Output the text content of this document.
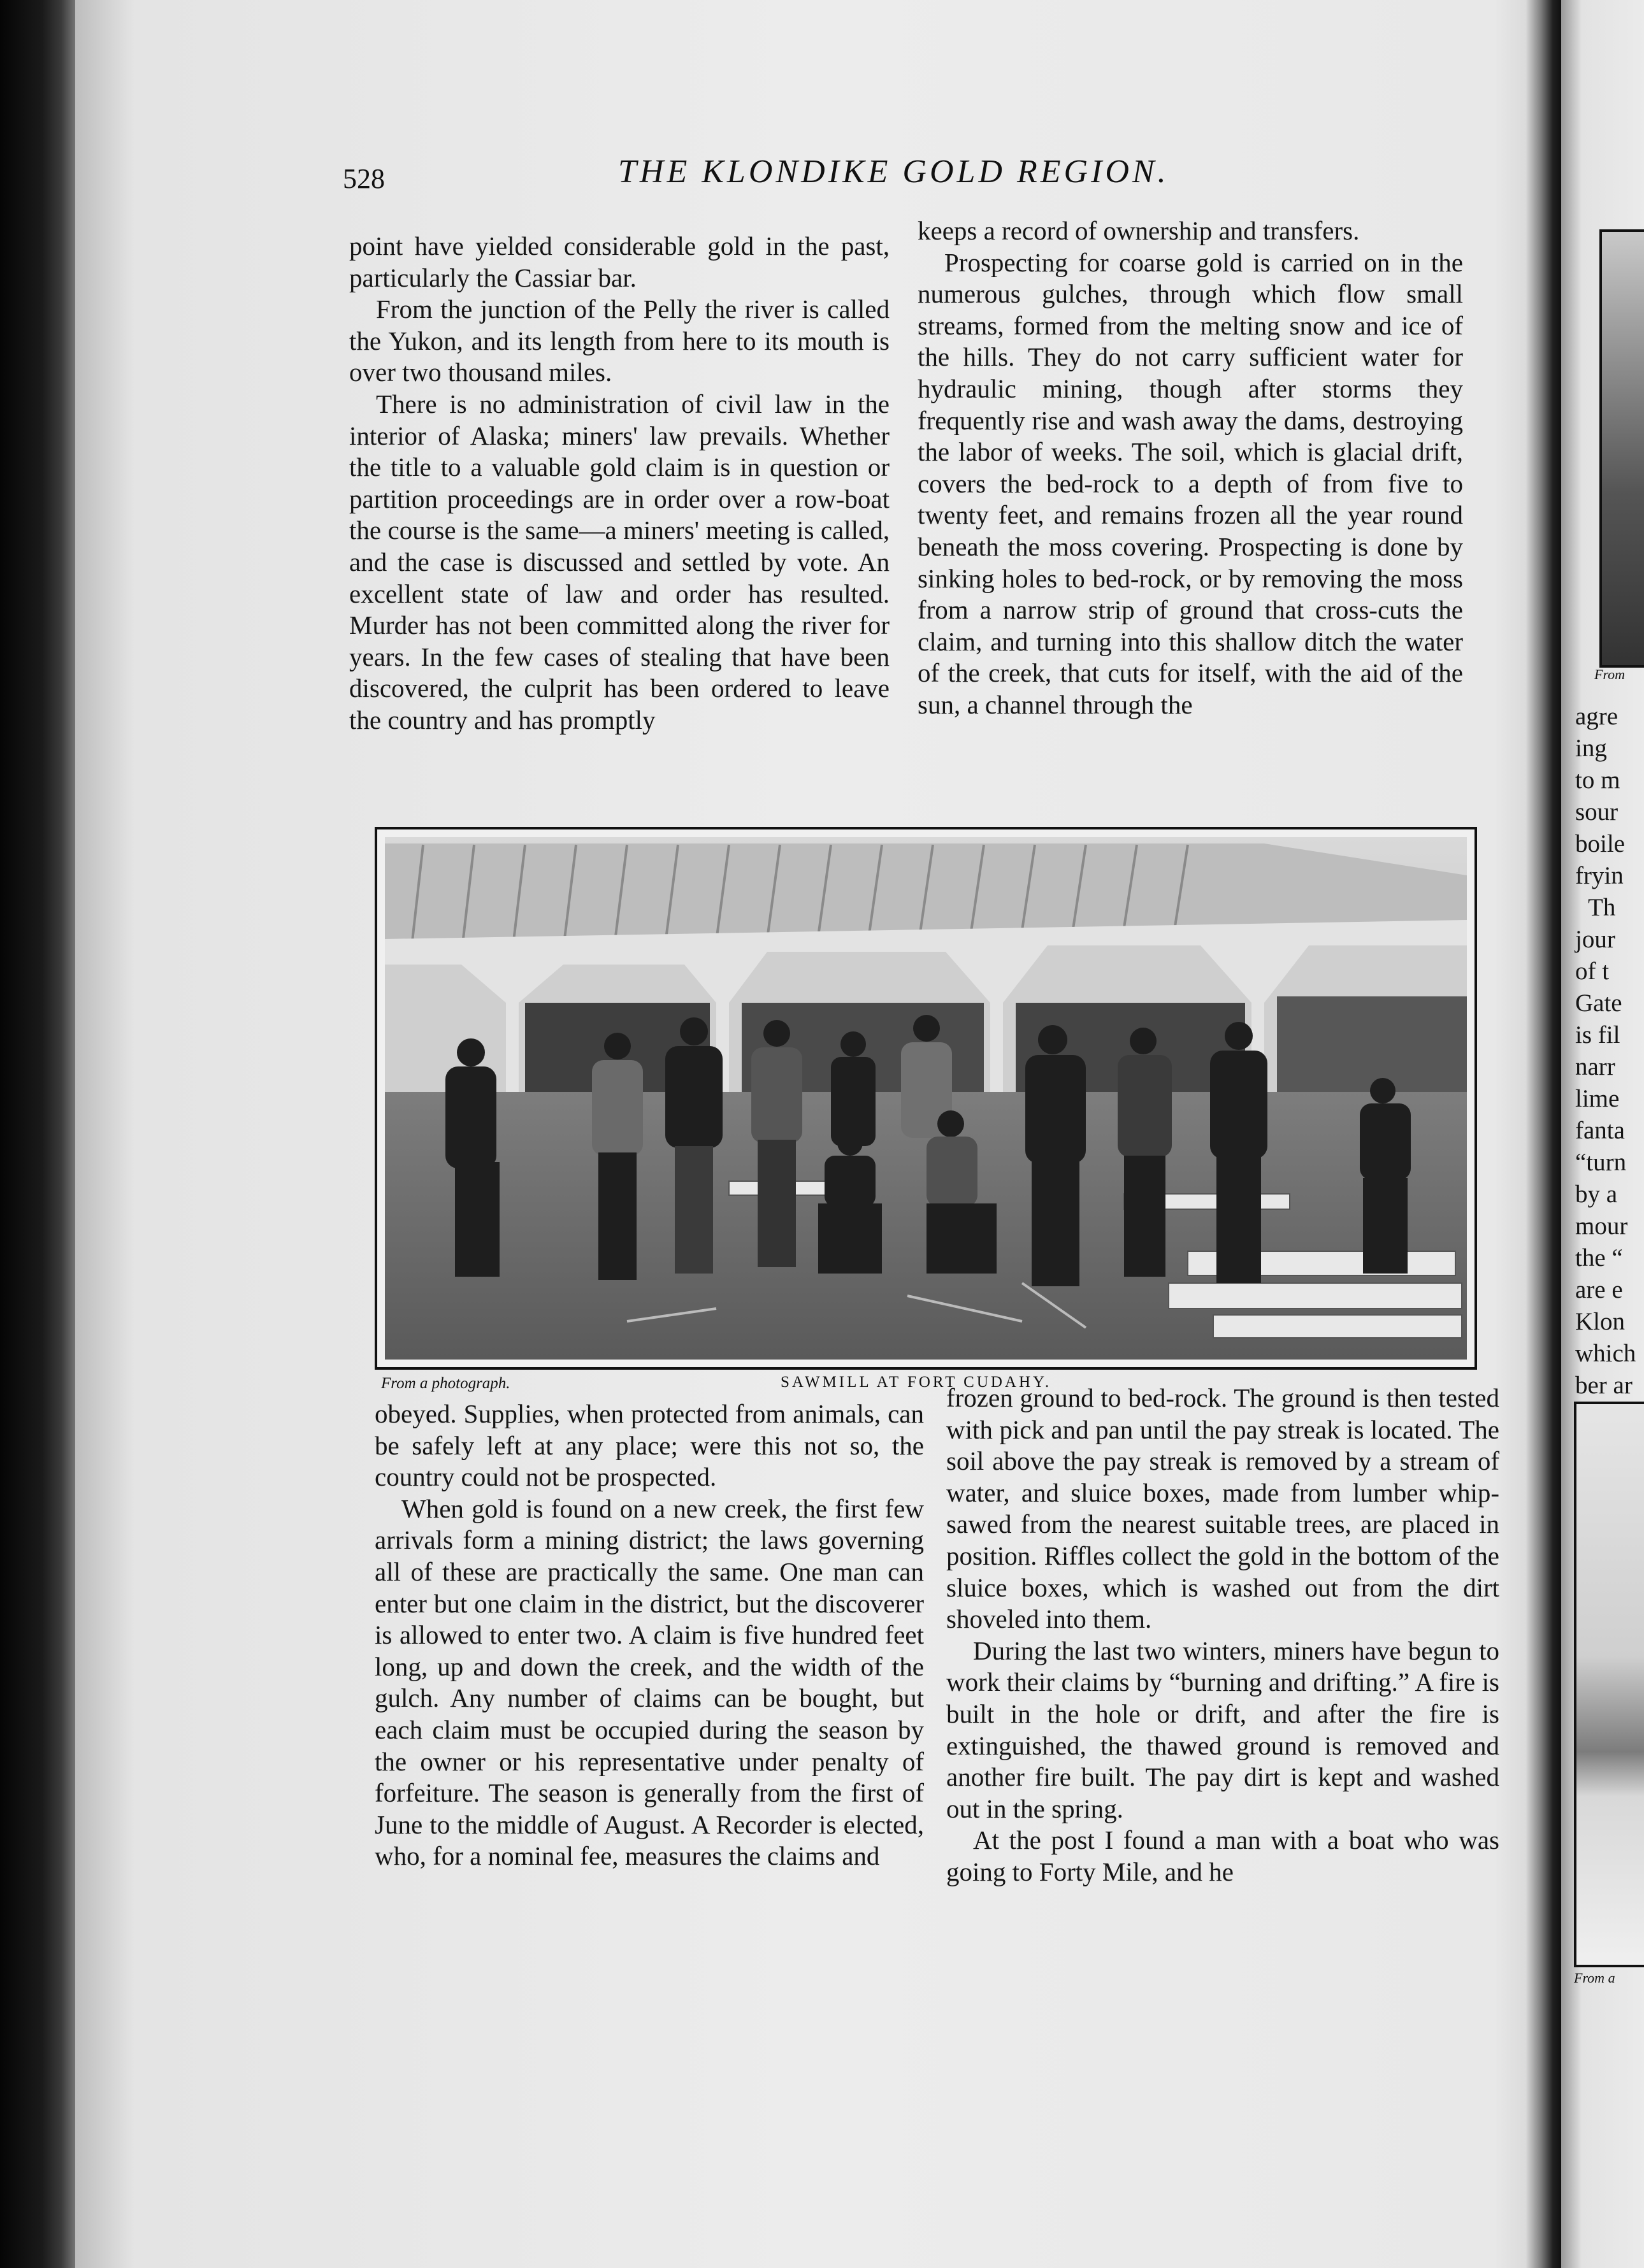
528	THE KLONDIKE GOLD REGION.

point have yielded considerable gold in the past, particularly the Cassiar bar.

From the junction of the Pelly the river is called the Yukon, and its length from here to its mouth is over two thousand miles.

There is no administration of civil law in the interior of Alaska; miners' law prevails. Whether the title to a valuable gold claim is in question or partition proceedings are in order over a row-boat the course is the same—a miners' meeting is called, and the case is discussed and settled by vote. An excellent state of law and order has resulted. Murder has not been committed along the river for years. In the few cases of stealing that have been discovered, the culprit has been ordered to leave the country and has promptly

keeps a record of ownership and transfers.

Prospecting for coarse gold is carried on in the numerous gulches, through which flow small streams, formed from the melting snow and ice of the hills. They do not carry sufficient water for hydraulic mining, though after storms they frequently rise and wash away the dams, destroying the labor of weeks. The soil, which is glacial drift, covers the bed-rock to a depth of from five to twenty feet, and remains frozen all the year round beneath the moss covering. Prospecting is done by sinking holes to bed-rock, or by removing the moss from a narrow strip of ground that cross-cuts the claim, and turning into this shallow ditch the water of the creek, that cuts for itself, with the aid of the sun, a channel through the

From a photograph.	SAWMILL AT FORT CUDAHY.

obeyed. Supplies, when protected from animals, can be safely left at any place; were this not so, the country could not be prospected.

When gold is found on a new creek, the first few arrivals form a mining district; the laws governing all of these are practically the same. One man can enter but one claim in the district, but the discoverer is allowed to enter two. A claim is five hundred feet long, up and down the creek, and the width of the gulch. Any number of claims can be bought, but each claim must be occupied during the season by the owner or his representative under penalty of forfeiture. The season is generally from the first of June to the middle of August. A Recorder is elected, who, for a nominal fee, measures the claims and

frozen ground to bed-rock. The ground is then tested with pick and pan until the pay streak is located. The soil above the pay streak is removed by a stream of water, and sluice boxes, made from lumber whip-sawed from the nearest suitable trees, are placed in position. Riffles collect the gold in the bottom of the sluice boxes, which is washed out from the dirt shoveled into them.

During the last two winters, miners have begun to work their claims by “burning and drifting.” A fire is built in the hole or drift, and after the fire is extinguished, the thawed ground is removed and another fire built. The pay dirt is kept and washed out in the spring.

At the post I found a man with a boat who was going to Forty Mile, and he

From
agre
ing
to m
sour
boile
fryin
Th
jour
of t
Gate
is fil
narr
lime
fanta
“turn
by a
mour
the “
are e
Klon
which
ber ar
From a
